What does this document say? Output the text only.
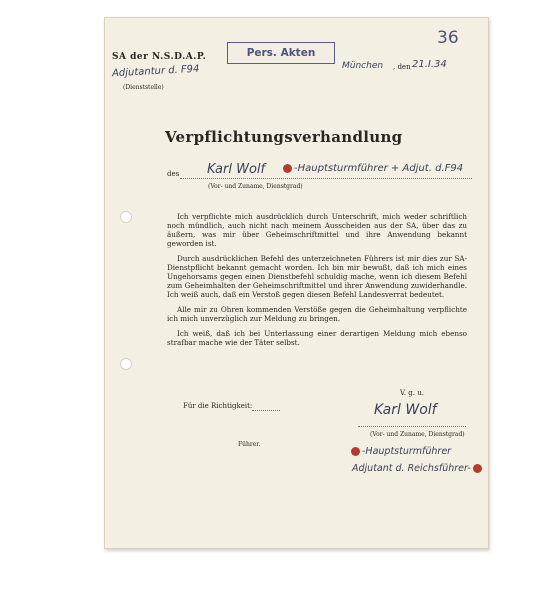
36
Pers. Akten
SA der N.S.D.A.P.
Adjutantur d. F94
(Dienststelle)
München , den 21.I.34
Verpflichtungsverhandlung
des Karl Wolf	-Hauptsturmführer + Adjut. d.F94
(Vor- und Zuname, Dienstgrad)

Ich verpflichte mich ausdrücklich durch Unterschrift, mich weder schriftlich noch mündlich, auch nicht nach meinem Ausscheiden aus der SA, über das zu äußern, was mir über Geheimschriftmittel und ihre Anwendung bekannt geworden ist.

Durch ausdrücklichen Befehl des unterzeichneten Führers ist mir dies zur SA-Dienstpflicht bekannt gemacht worden. Ich bin mir bewußt, daß ich mich eines Ungehorsams gegen einen Dienstbefehl schuldig mache, wenn ich diesem Befehl zum Geheimhalten der Geheimschriftmittel und ihrer Anwendung zuwiderhandle. Ich weiß auch, daß ein Verstoß gegen diesen Befehl Landesverrat bedeutet.

Alle mir zu Ohren kommenden Verstöße gegen die Geheimhaltung verpflichte ich mich unverzüglich zur Meldung zu bringen.

Ich weiß, daß ich bei Unterlassung einer derartigen Meldung mich ebenso strafbar mache wie der Täter selbst.

Für die Richtigkeit:
V. g. u.
Karl Wolf
(Vor- und Zuname, Dienstgrad)
Führer.
-Hauptsturmführer
Adjutant d. Reichsführer-
